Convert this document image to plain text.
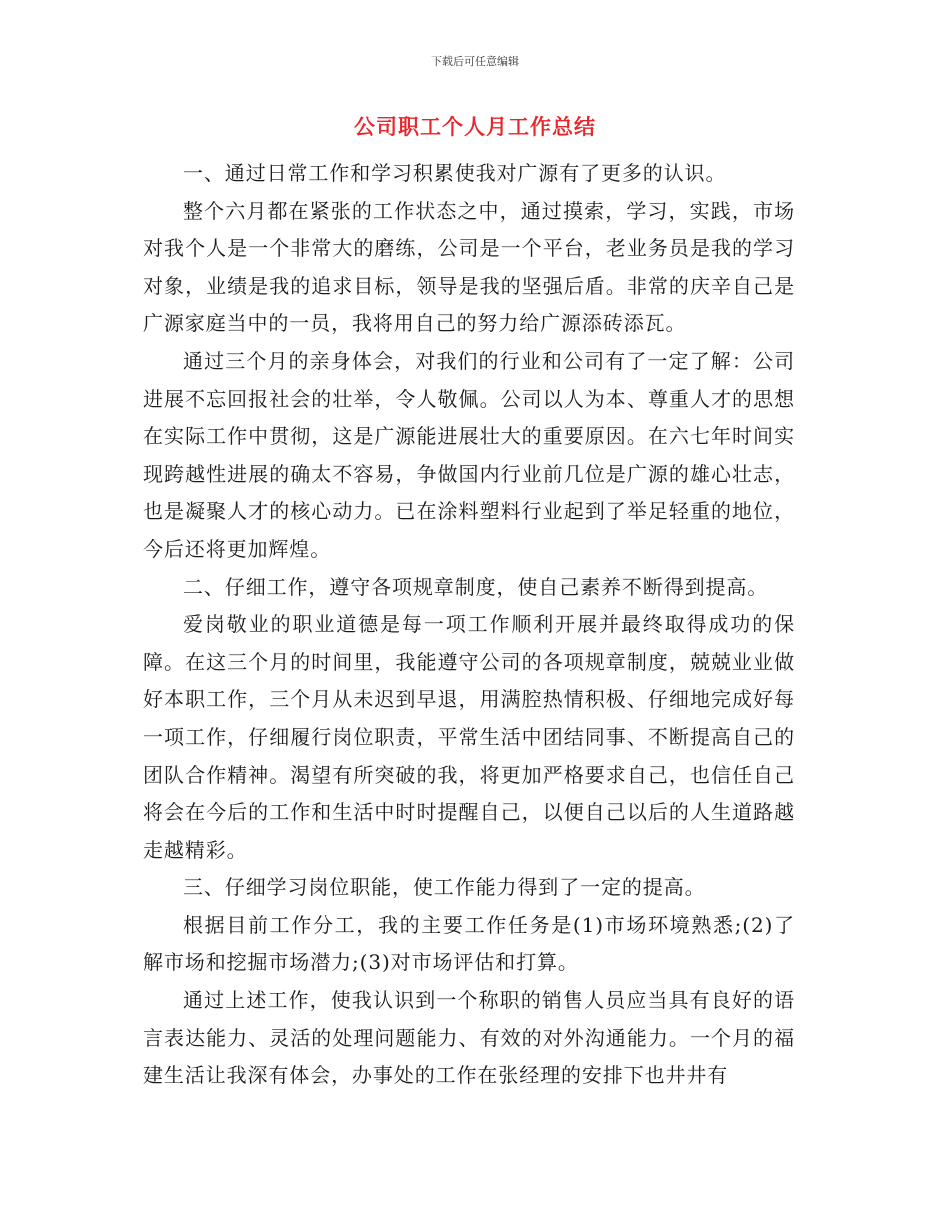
下载后可任意编辑
公司职工个人月工作总结

一、通过日常工作和学习积累使我对广源有了更多的认识。

整个六月都在紧张的工作状态之中，通过摸索，学习，实践，市场对我个人是一个非常大的磨练，公司是一个平台，老业务员是我的学习对象，业绩是我的追求目标，领导是我的坚强后盾。非常的庆辛自己是广源家庭当中的一员，我将用自己的努力给广源添砖添瓦。

通过三个月的亲身体会，对我们的行业和公司有了一定了解：公司进展不忘回报社会的壮举，令人敬佩。公司以人为本、尊重人才的思想在实际工作中贯彻，这是广源能进展壮大的重要原因。在六七年时间实现跨越性进展的确太不容易，争做国内行业前几位是广源的雄心壮志，也是凝聚人才的核心动力。已在涂料塑料行业起到了举足轻重的地位，今后还将更加辉煌。

二、仔细工作，遵守各项规章制度，使自己素养不断得到提高。

爱岗敬业的职业道德是每一项工作顺利开展并最终取得成功的保障。在这三个月的时间里，我能遵守公司的各项规章制度，兢兢业业做好本职工作，三个月从未迟到早退，用满腔热情积极、仔细地完成好每一项工作，仔细履行岗位职责，平常生活中团结同事、不断提高自己的团队合作精神。渴望有所突破的我，将更加严格要求自己，也信任自己将会在今后的工作和生活中时时提醒自己，以便自己以后的人生道路越走越精彩。

三、仔细学习岗位职能，使工作能力得到了一定的提高。

根据目前工作分工，我的主要工作任务是(1)市场环境熟悉;(2)了解市场和挖掘市场潜力;(3)对市场评估和打算。

通过上述工作，使我认识到一个称职的销售人员应当具有良好的语言表达能力、灵活的处理问题能力、有效的对外沟通能力。一个月的福建生活让我深有体会，办事处的工作在张经理的安排下也井井有
